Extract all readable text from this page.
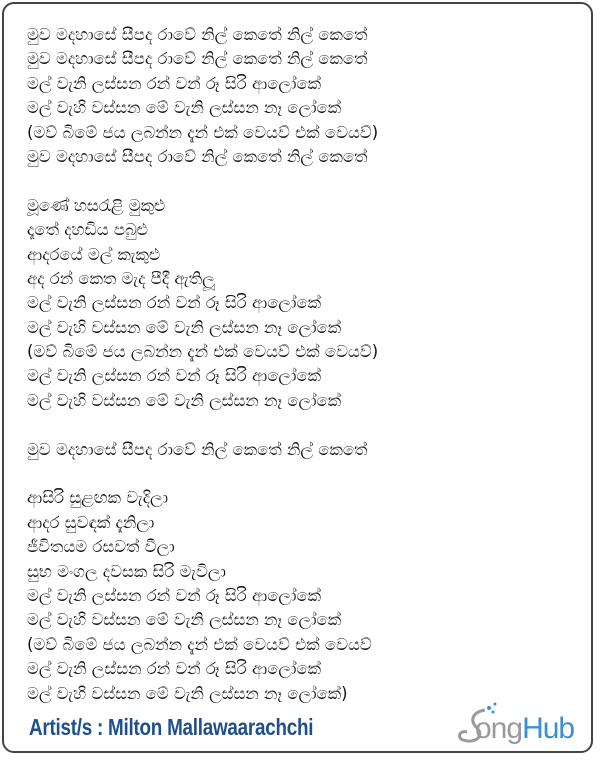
මුව මදහාසේ සීපද රාවේ නිල් කෙතේ නිල් කෙතේ
මුව මදහාසේ සීපද රාවේ නිල් කෙතේ නිල් කෙතේ
මල් වැනි ලස්සන රන් වන් රූ සිරි ආලෝකේ
මල් වැහි වස්සන මේ වැනි ලස්සන නෑ ලෝකේ
(මව් බිමේ ජය ලබන්න දැන් එක් වෙයව් එක් වෙයව්)
මුව මදහාසේ සීපද රාවේ නිල් කෙතේ නිල් කෙතේ
මූණේ හසරැළි මුකුළු
දෑතේ දහඩිය පබුළු
ආදරයේ මල් කැකුළු
අද රන් කෙත මැද පීදී ඇතිලූ
මල් වැනි ලස්සන රන් වන් රූ සිරි ආලෝකේ
මල් වැහි වස්සන මේ වැනි ලස්සන නෑ ලෝකේ
(මව් බිමේ ජය ලබන්න දැන් එක් වෙයව් එක් වෙයව්)
මල් වැනි ලස්සන රන් වන් රූ සිරි ආලෝකේ
මල් වැහි වස්සන මේ වැනි ලස්සන නෑ ලෝකේ
මුව මදහාසේ සීපද රාවේ නිල් කෙතේ නිල් කෙතේ
ආසිරි සුළඟක වැදිලා
ආදර සුවඳක් දැනිලා
ජීවිතයම රසවත් වීලා
සුභ මංගල දවසක සිරි මැවිලා
මල් වැනි ලස්සන රන් වන් රූ සිරි ආලෝකේ
මල් වැහි වස්සන මේ වැනි ලස්සන නෑ ලෝකේ
(මව් බිමේ ජය ලබන්න දැන් එක් වෙයව් එක් වෙයව්
මල් වැනි ලස්සන රන් වන් රූ සිරි ආලෝකේ
මල් වැහි වස්සන මේ වැනි ලස්සන නෑ ලෝකේ)
Artist/s : Milton Mallawaarachchi	ongHub
